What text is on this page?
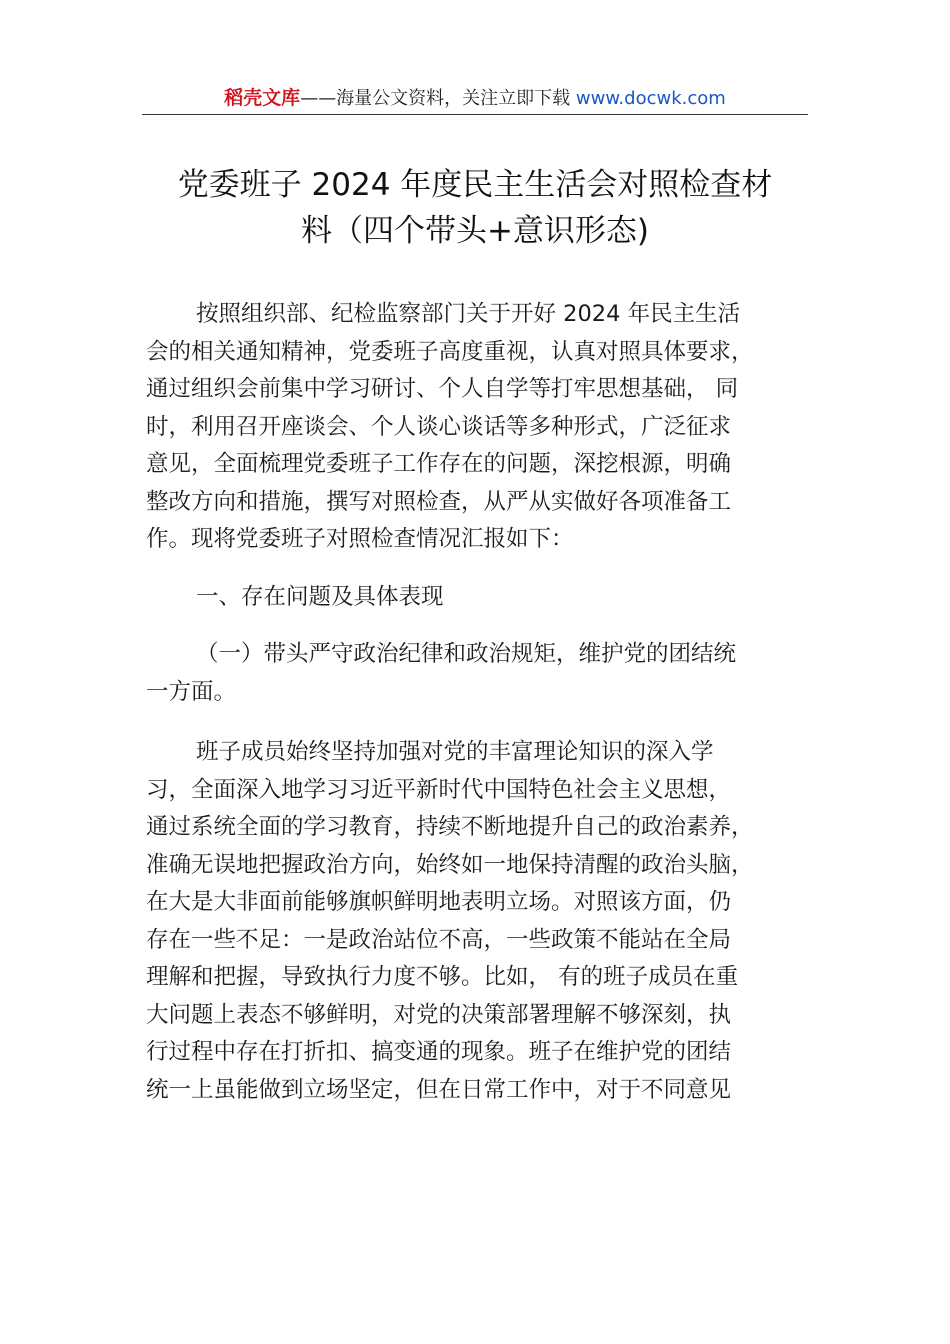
稻壳文库——海量公文资料，关注立即下载 www.docwk.com
党委班子 2024 年度民主生活会对照检查材
料（四个带头+意识形态)
按照组织部、纪检监察部门关于开好 2024 年民主生活
会的相关通知精神，党委班子高度重视，认真对照具体要求，
通过组织会前集中学习研讨、个人自学等打牢思想基础， 同
时，利用召开座谈会、个人谈心谈话等多种形式，广泛征求
意见，全面梳理党委班子工作存在的问题，深挖根源，明确
整改方向和措施，撰写对照检查，从严从实做好各项准备工
作。现将党委班子对照检查情况汇报如下：
一、存在问题及具体表现
（一）带头严守政治纪律和政治规矩，维护党的团结统
一方面。
班子成员始终坚持加强对党的丰富理论知识的深入学
习，全面深入地学习习近平新时代中国特色社会主义思想，
通过系统全面的学习教育，持续不断地提升自己的政治素养，
准确无误地把握政治方向，始终如一地保持清醒的政治头脑，
在大是大非面前能够旗帜鲜明地表明立场。对照该方面，仍
存在一些不足：一是政治站位不高，一些政策不能站在全局
理解和把握，导致执行力度不够。比如， 有的班子成员在重
大问题上表态不够鲜明，对党的决策部署理解不够深刻，执
行过程中存在打折扣、搞变通的现象。班子在维护党的团结
统一上虽能做到立场坚定，但在日常工作中，对于不同意见
